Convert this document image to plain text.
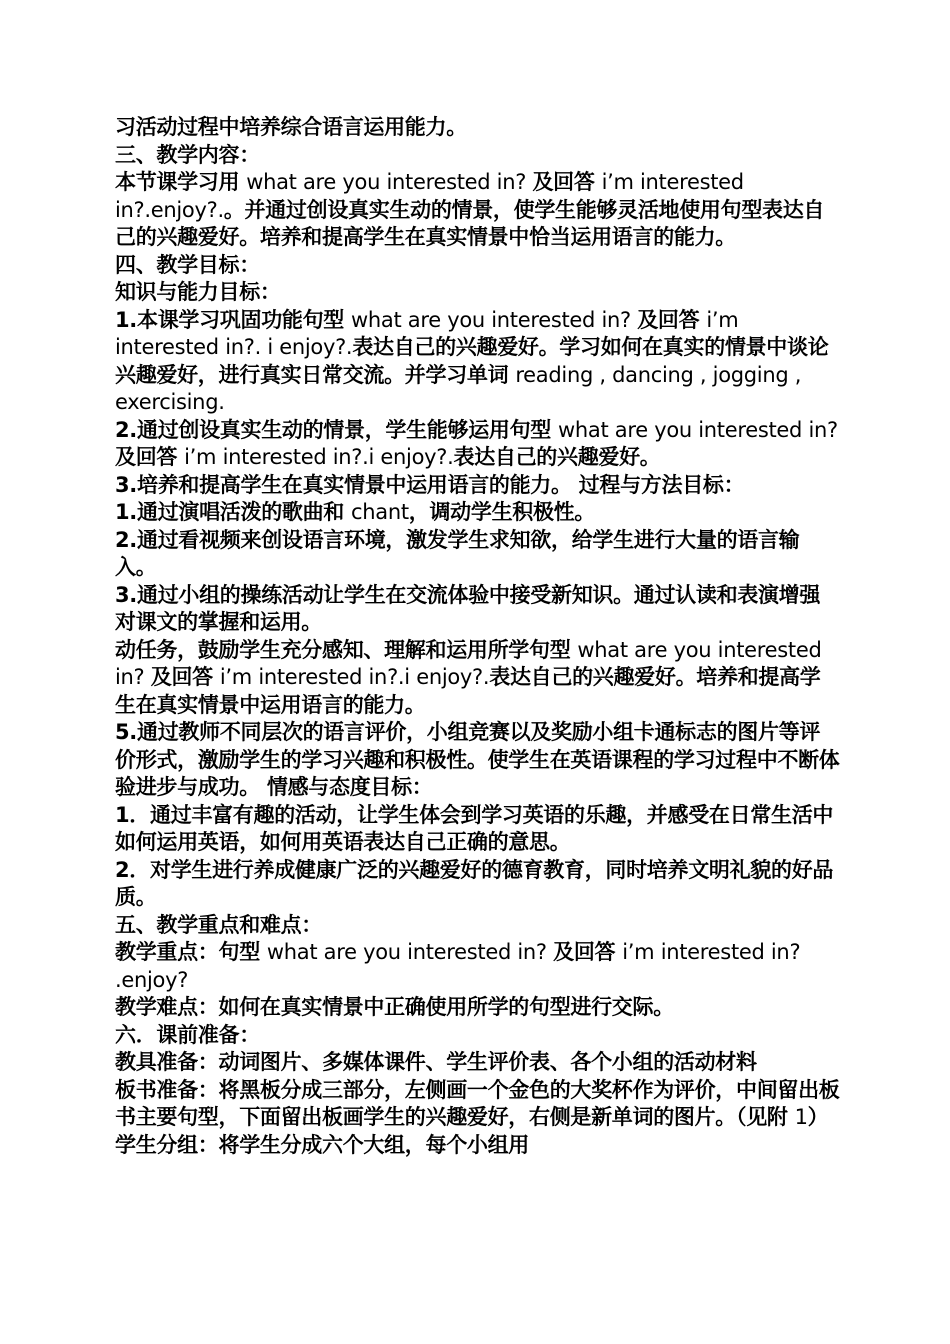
习活动过程中培养综合语言运用能力。

三、教学内容：

本节课学习用 what are you interested in? 及回答 i’m interested in?.enjoy?.。并通过创设真实生动的情景，使学生能够灵活地使用句型表达自己的兴趣爱好。培养和提高学生在真实情景中恰当运用语言的能力。

四、教学目标：

知识与能力目标：

1.本课学习巩固功能句型 what are you interested in? 及回答 i’m interested in?. i enjoy?.表达自己的兴趣爱好。学习如何在真实的情景中谈论兴趣爱好，进行真实日常交流。并学习单词 reading , dancing , jogging , exercising.

2.通过创设真实生动的情景，学生能够运用句型 what are you interested in? 及回答 i’m interested in?.i enjoy?.表达自己的兴趣爱好。

3.培养和提高学生在真实情景中运用语言的能力。 过程与方法目标：

1.通过演唱活泼的歌曲和 chant，调动学生积极性。

2.通过看视频来创设语言环境，激发学生求知欲，给学生进行大量的语言输入。

3.通过小组的操练活动让学生在交流体验中接受新知识。通过认读和表演增强对课文的掌握和运用。

动任务，鼓励学生充分感知、理解和运用所学句型 what are you interested in? 及回答 i’m interested in?.i enjoy?.表达自己的兴趣爱好。培养和提高学生在真实情景中运用语言的能力。

5.通过教师不同层次的语言评价，小组竞赛以及奖励小组卡通标志的图片等评价形式，激励学生的学习兴趣和积极性。使学生在英语课程的学习过程中不断体验进步与成功。 情感与态度目标：

1．通过丰富有趣的活动，让学生体会到学习英语的乐趣，并感受在日常生活中如何运用英语，如何用英语表达自己正确的意思。

2．对学生进行养成健康广泛的兴趣爱好的德育教育，同时培养文明礼貌的好品质。

五、教学重点和难点：

教学重点：句型 what are you interested in? 及回答 i’m interested in? .enjoy?

教学难点：如何在真实情景中正确使用所学的句型进行交际。

六．课前准备：

教具准备：动词图片、多媒体课件、学生评价表、各个小组的活动材料

板书准备：将黑板分成三部分，左侧画一个金色的大奖杯作为评价，中间留出板书主要句型，下面留出板画学生的兴趣爱好，右侧是新单词的图片。（见附 1） 学生分组：将学生分成六个大组，每个小组用
